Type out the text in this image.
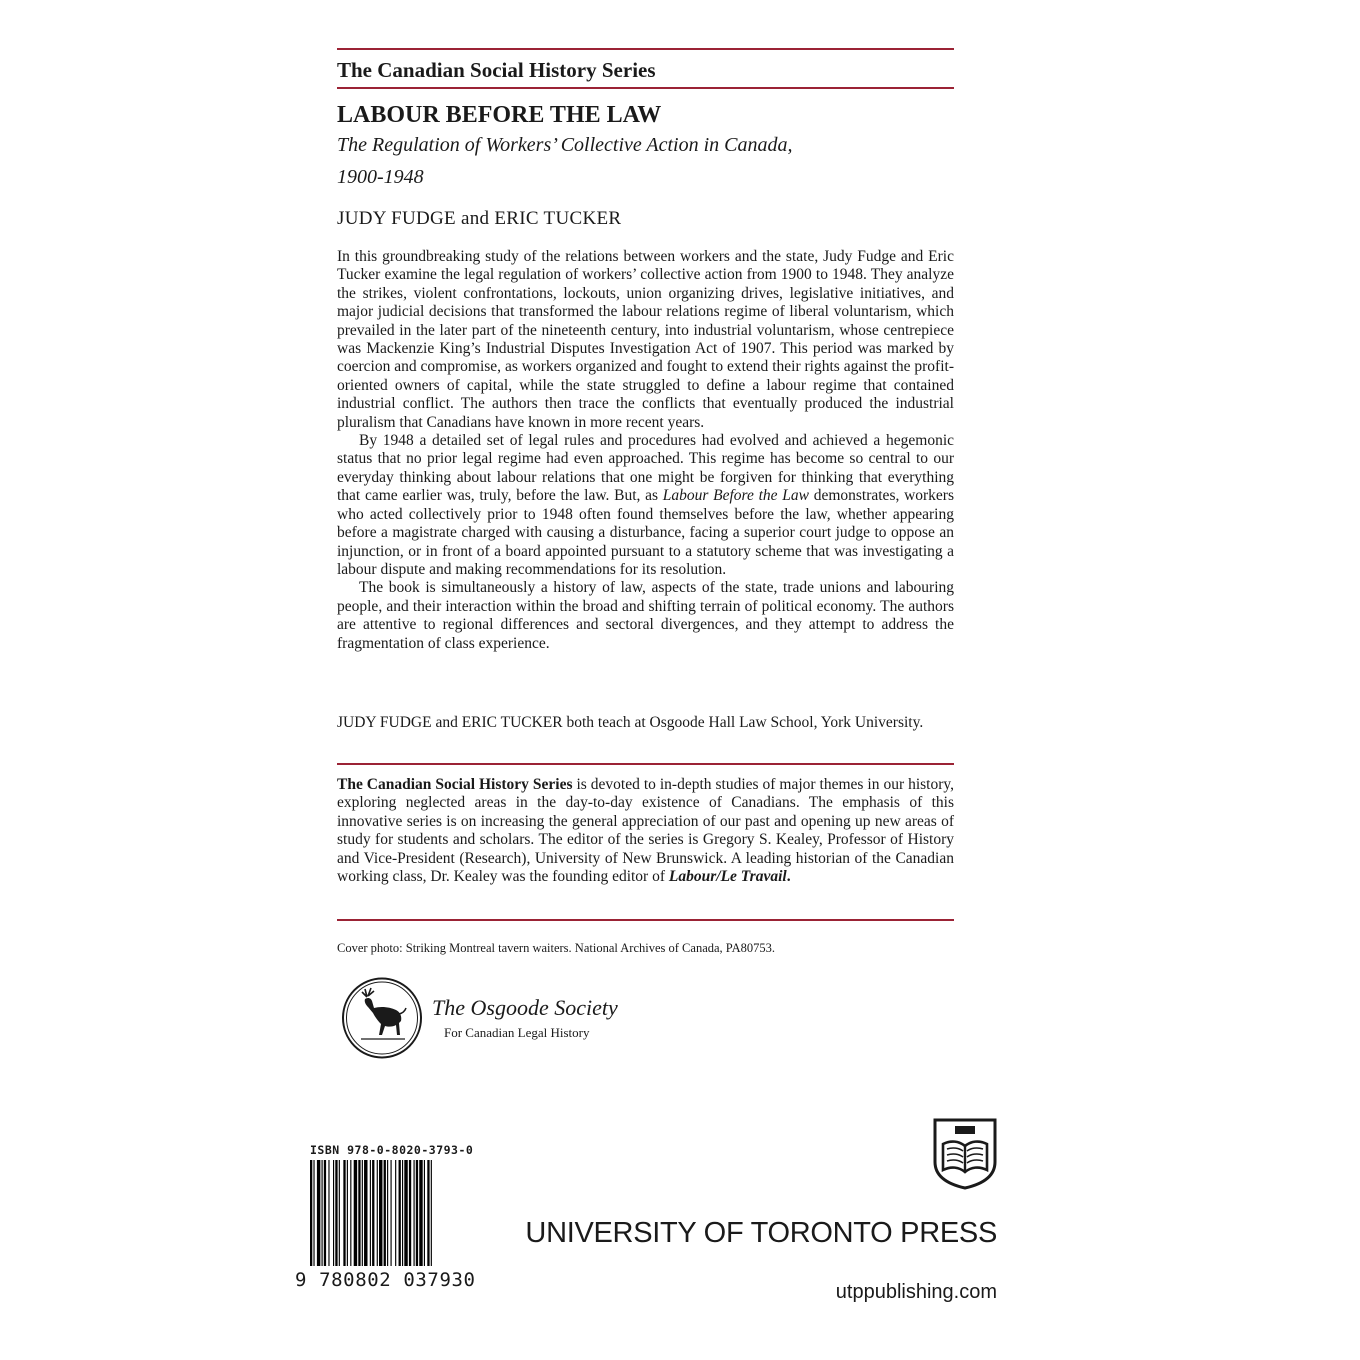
The Canadian Social History Series
LABOUR BEFORE THE LAW
The Regulation of Workers’ Collective Action in Canada,
1900-1948
JUDY FUDGE and ERIC TUCKER

In this groundbreaking study of the relations between workers and the state, Judy Fudge and Eric Tucker examine the legal regulation of workers’ collective action from 1900 to 1948. They analyze the strikes, violent confrontations, lockouts, union organizing drives, legislative initiatives, and major judicial decisions that transformed the labour relations regime of liberal voluntarism, which prevailed in the later part of the nineteenth century, into industrial voluntarism, whose centrepiece was Mackenzie King’s Industrial Disputes Investigation Act of 1907. This period was marked by coercion and compromise, as workers organized and fought to extend their rights against the profit-oriented owners of capital, while the state struggled to define a labour regime that contained industrial conflict. The authors then trace the conflicts that eventually produced the industrial pluralism that Canadians have known in more recent years.

By 1948 a detailed set of legal rules and procedures had evolved and achieved a hegemonic status that no prior legal regime had even approached. This regime has become so central to our everyday thinking about labour relations that one might be forgiven for thinking that everything that came earlier was, truly, before the law. But, as Labour Before the Law demonstrates, workers who acted collectively prior to 1948 often found themselves before the law, whether appearing before a magistrate charged with causing a disturbance, facing a superior court judge to oppose an injunction, or in front of a board appointed pursuant to a statutory scheme that was investigating a labour dispute and making recommendations for its resolution.

The book is simultaneously a history of law, aspects of the state, trade unions and labouring people, and their interaction within the broad and shifting terrain of political economy. The authors are attentive to regional differences and sectoral divergences, and they attempt to address the fragmentation of class experience.

JUDY FUDGE and ERIC TUCKER both teach at Osgoode Hall Law School, York University.
The Canadian Social History Series is devoted to in-depth studies of major themes in our history, exploring neglected areas in the day-to-day existence of Canadians. The emphasis of this innovative series is on increasing the general appreciation of our past and opening up new areas of study for students and scholars. The editor of the series is Gregory S. Kealey, Professor of History and Vice-President (Research), University of New Brunswick. A leading historian of the Canadian working class, Dr. Kealey was the founding editor of Labour/Le Travail.
Cover photo: Striking Montreal tavern waiters. National Archives of Canada, PA80753.
The Osgoode Society
For Canadian Legal History
ISBN 978-0-8020-3793-0
9 780802 037930
UNIVERSITY OF TORONTO PRESS
utppublishing.com
